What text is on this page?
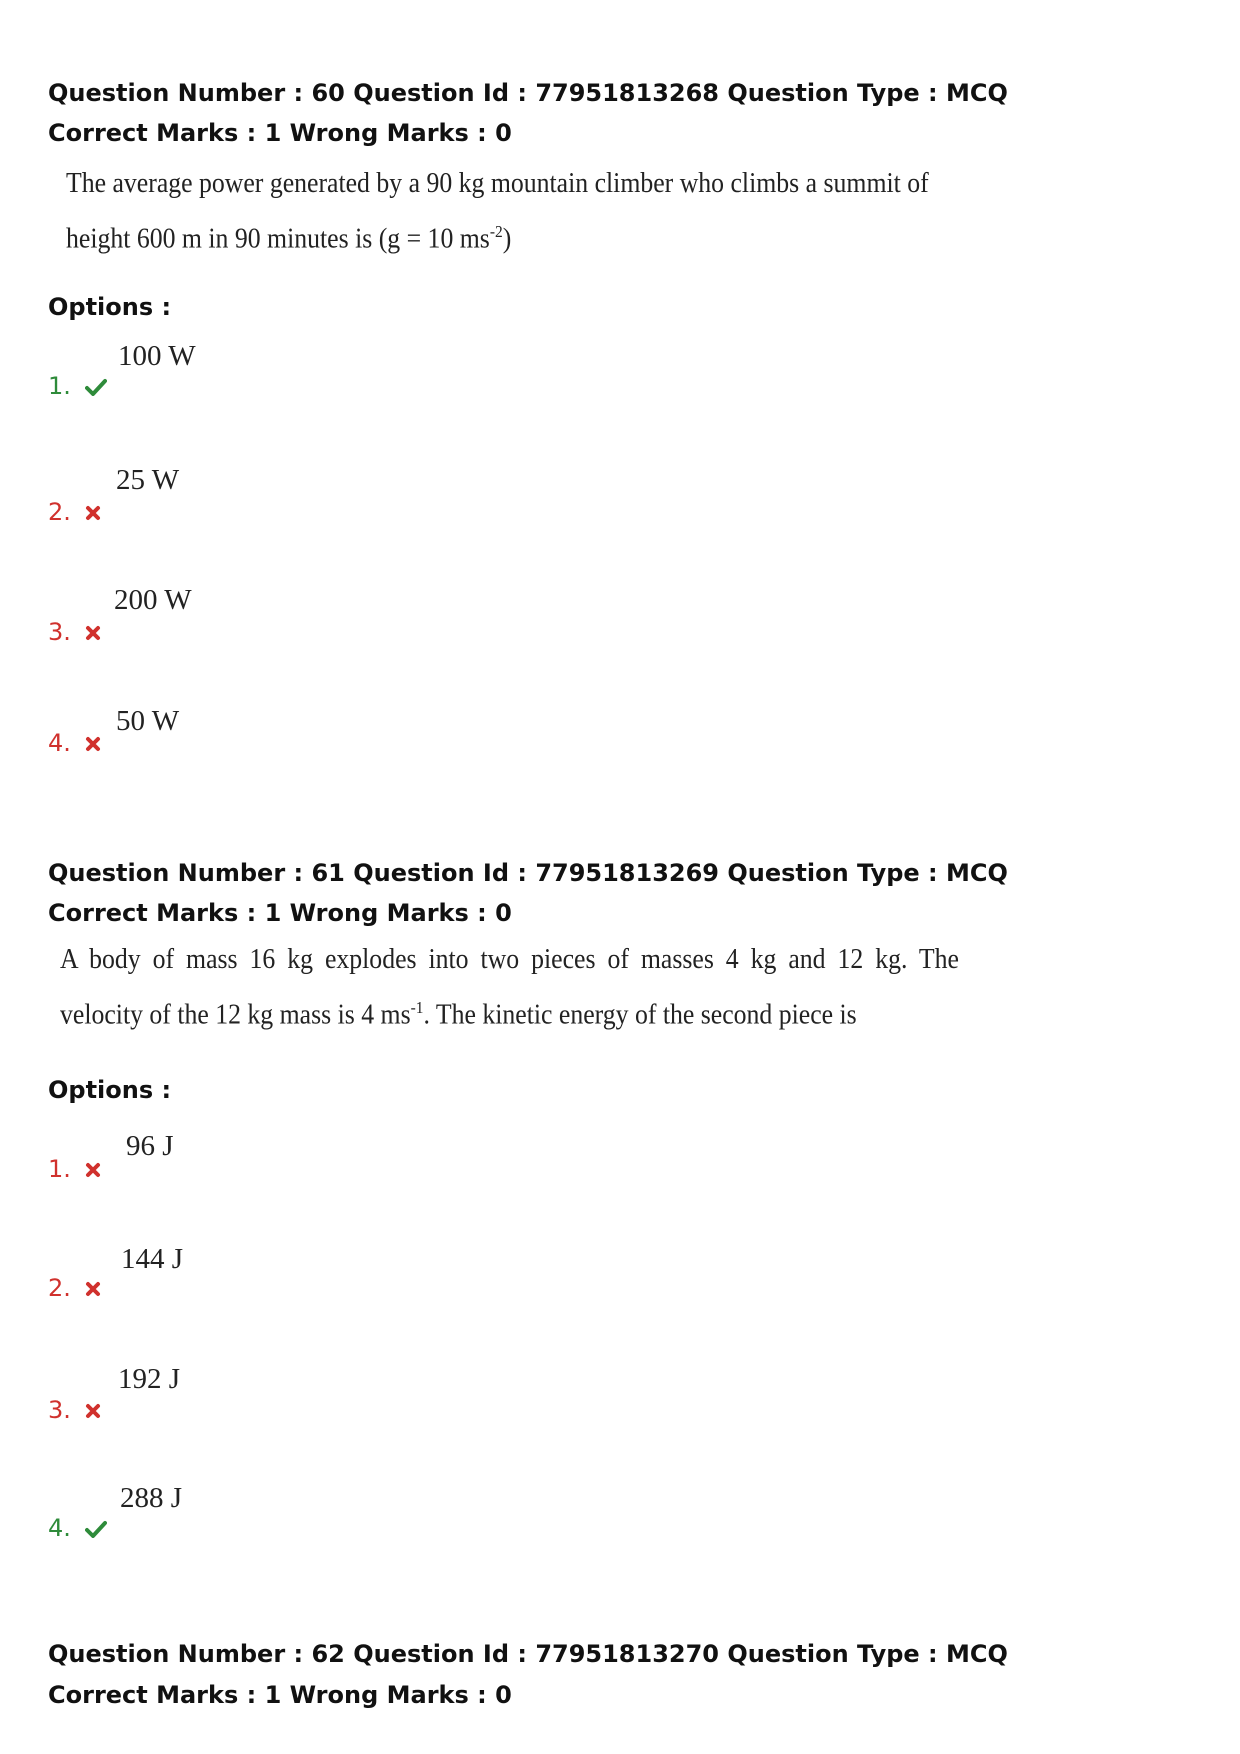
Question Number : 60 Question Id : 77951813268 Question Type : MCQ
Correct Marks : 1 Wrong Marks : 0
The average power generated by a 90 kg mountain climber who climbs a summit of
height 600 m in 90 minutes is (g = 10 $ms^{-2}$)
Options :
100 W
1.
25 W
2.
200 W
3.
50 W
4.
Question Number : 61 Question Id : 77951813269 Question Type : MCQ
Correct Marks : 1 Wrong Marks : 0
A body of mass 16 kg explodes into two pieces of masses 4 kg and 12 kg. The
velocity of the 12 kg mass is 4 $ms^{-1}$. The kinetic energy of the second piece is
Options :
96 J
1.
144 J
2.
192 J
3.
288 J
4.
Question Number : 62 Question Id : 77951813270 Question Type : MCQ
Correct Marks : 1 Wrong Marks : 0
